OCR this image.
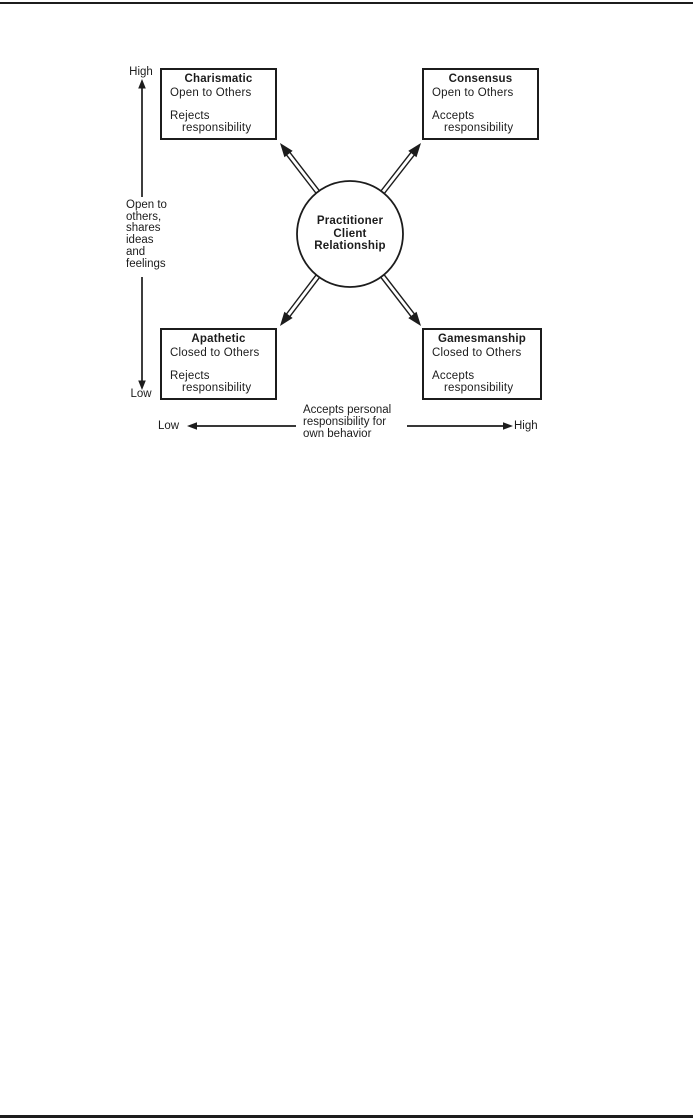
Charismatic
Open to Others
Rejects
responsibility
Consensus
Open to Others
Accepts
responsibility
Apathetic
Closed to Others
Rejects
responsibility
Gamesmanship
Closed to Others
Accepts
responsibility
Practitioner
Client
Relationship
High
Open to
others,
shares
ideas
and
feelings
Low
Low
Accepts personal
responsibility for
own behavior
High
